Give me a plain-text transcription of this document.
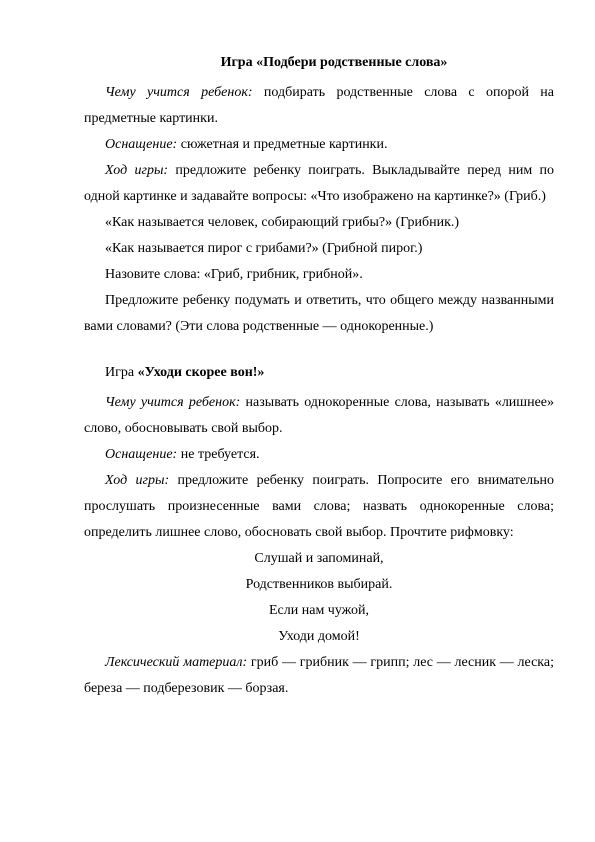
Игра «Подбери родственные слова»

Чему учится ребенок: подбирать родственные слова с опорой на предметные картинки.

Оснащение: сюжетная и предметные картинки.

Ход игры: предложите ребенку поиграть. Выкладывайте перед ним по одной картинке и задавайте вопросы: «Что изображено на картинке?» (Гриб.)

«Как называется человек, собирающий грибы?» (Грибник.)

«Как называется пирог с грибами?» (Грибной пирог.)

Назовите слова: «Гриб, грибник, грибной».

Предложите ребенку подумать и ответить, что общего между названными вами словами? (Эти слова родственные — однокоренные.)

Игра «Уходи скорее вон!»

Чему учится ребенок: называть однокоренные слова, называть «лишнее» слово, обосновывать свой выбор.

Оснащение: не требуется.

Ход игры: предложите ребенку поиграть. Попросите его внимательно прослушать произнесенные вами слова; назвать однокоренные слова; определить лишнее слово, обосновать свой выбор. Прочтите рифмовку:

Слушай и запоминай,
Родственников выбирай.
Если нам чужой,
Уходи домой!

Лексический материал: гриб — грибник — грипп; лес — лесник — леска; береза — подберезовик — борзая.
